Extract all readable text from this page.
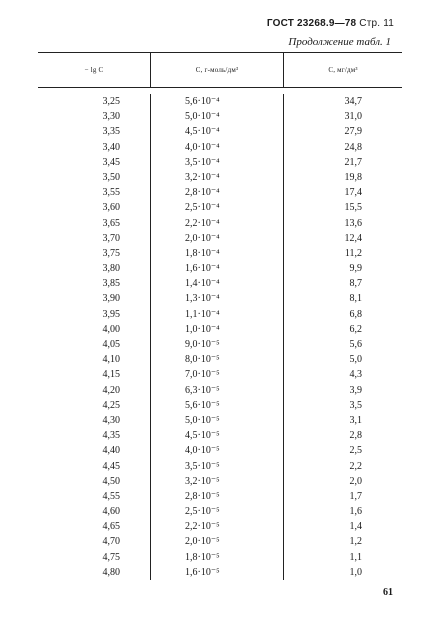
ГОСТ 23268.9—78 Стр. 11
Продолжение табл. 1
− lg C	C, г-моль/дм³	C, мг/дм³
3,25
3,30
3,35
3,40
3,45
3,50
3,55
3,60
3,65
3,70
3,75
3,80
3,85
3,90
3,95
4,00
4,05
4,10
4,15
4,20
4,25
4,30
4,35
4,40
4,45
4,50
4,55
4,60
4,65
4,70
4,75
4,80
5,6·10⁻⁴
5,0·10⁻⁴
4,5·10⁻⁴
4,0·10⁻⁴
3,5·10⁻⁴
3,2·10⁻⁴
2,8·10⁻⁴
2,5·10⁻⁴
2,2·10⁻⁴
2,0·10⁻⁴
1,8·10⁻⁴
1,6·10⁻⁴
1,4·10⁻⁴
1,3·10⁻⁴
1,1·10⁻⁴
1,0·10⁻⁴
9,0·10⁻⁵
8,0·10⁻⁵
7,0·10⁻⁵
6,3·10⁻⁵
5,6·10⁻⁵
5,0·10⁻⁵
4,5·10⁻⁵
4,0·10⁻⁵
3,5·10⁻⁵
3,2·10⁻⁵
2,8·10⁻⁵
2,5·10⁻⁵
2,2·10⁻⁵
2,0·10⁻⁵
1,8·10⁻⁵
1,6·10⁻⁵
34,7
31,0
27,9
24,8
21,7
19,8
17,4
15,5
13,6
12,4
11,2
9,9
8,7
8,1
6,8
6,2
5,6
5,0
4,3
3,9
3,5
3,1
2,8
2,5
2,2
2,0
1,7
1,6
1,4
1,2
1,1
1,0
61
